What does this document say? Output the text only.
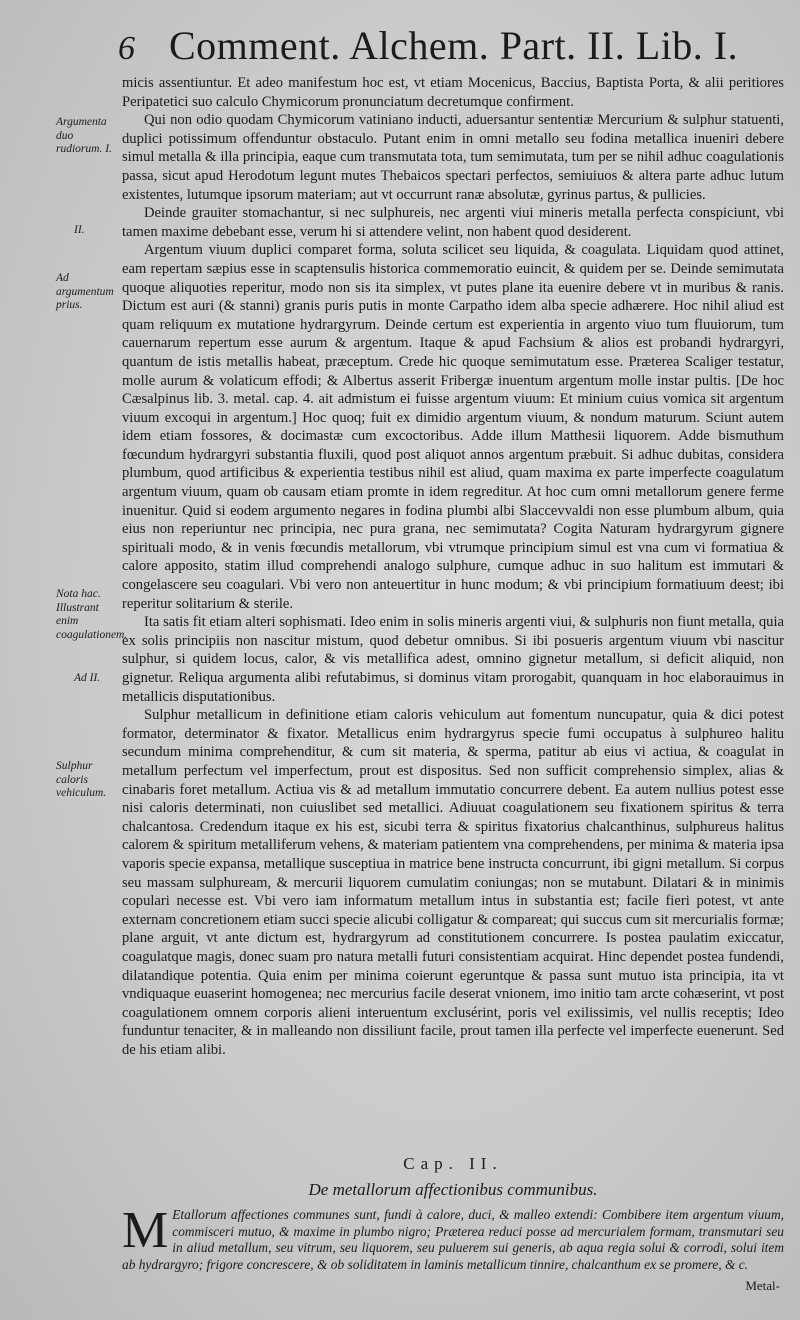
6 Comment. Alchem. Part. II. Lib. I.
Argumenta duo rudiorum. I.
II.
Ad argumentum prius.
Nota hac. Illustrant enim coagulationem.
Ad II.
Sulphur caloris vehiculum.

micis assentiuntur. Et adeo manifestum hoc est, vt etiam Mocenicus, Baccius, Baptista Porta, & alii peritiores Peripatetici suo calculo Chymicorum pronunciatum decretumque confirment.

Qui non odio quodam Chymicorum vatiniano inducti, aduersantur sententiæ Mercurium & sulphur statuenti, duplici potissimum offenduntur obstaculo. Putant enim in omni metallo seu fodina metallica inueniri debere simul metalla & illa principia, eaque cum transmutata tota, tum semimutata, tum per se nihil adhuc coagulationis passa, sicut apud Herodotum legunt mutes Thebaicos spectari perfectos, semiuiuos & altera parte adhuc lutum existentes, lutumque ipsorum materiam; aut vt occurrunt ranæ absolutæ, gyrinus partus, & pullicies.

Deinde grauiter stomachantur, si nec sulphureis, nec argenti viui mineris metalla perfecta conspiciunt, vbi tamen maxime debebant esse, verum hi si attendere velint, non habent quod desiderent.

Argentum viuum duplici comparet forma, soluta scilicet seu liquida, & coagulata. Liquidam quod attinet, eam repertam sæpius esse in scaptensulis historica commemoratio euincit, & quidem per se. Deinde semimutata quoque aliquoties reperitur, modo non sis ita simplex, vt putes plane ita euenire debere vt in muribus & ranis. Dictum est auri (& stanni) granis puris putis in monte Carpatho idem alba specie adhærere. Hoc nihil aliud est quam reliquum ex mutatione hydrargyrum. Deinde certum est experientia in argento viuo tum fluuiorum, tum cauernarum repertum esse aurum & argentum. Itaque & apud Fachsium & alios est probandi hydrargyri, quantum de istis metallis habeat, præceptum. Crede hic quoque semimutatum esse. Præterea Scaliger testatur, molle aurum & volaticum effodi; & Albertus asserit Fribergæ inuentum argentum molle instar pultis. [De hoc Cæsalpinus lib. 3. metal. cap. 4. ait admistum ei fuisse argentum viuum: Et minium cuius vomica sit argentum viuum excoqui in argentum.] Hoc quoq; fuit ex dimidio argentum viuum, & nondum maturum. Sciunt autem idem etiam fossores, & docimastæ cum excoctoribus. Adde illum Matthesii liquorem. Adde bismuthum fœcundum hydrargyri substantia fluxili, quod post aliquot annos argentum præbuit. Si adhuc dubitas, considera plumbum, quod artificibus & experientia testibus nihil est aliud, quam maxima ex parte imperfecte coagulatum argentum viuum, quam ob causam etiam promte in idem regreditur. At hoc cum omni metallorum genere ferme inuenitur. Quid si eodem argumento negares in fodina plumbi albi Slaccevvaldi non esse plumbum album, quia eius non reperiuntur nec principia, nec pura grana, nec semimutata? Cogita Naturam hydrargyrum gignere spirituali modo, & in venis fœcundis metallorum, vbi vtrumque principium simul est vna cum vi formatiua & calore apposito, statim illud comprehendi analogo sulphure, cumque adhuc in suo halitum est immutari & congelascere seu coagulari. Vbi vero non anteuertitur in hunc modum; & vbi principium formatiuum deest; ibi reperitur solitarium & sterile.

Ita satis fit etiam alteri sophismati. Ideo enim in solis mineris argenti viui, & sulphuris non fiunt metalla, quia ex solis principiis non nascitur mistum, quod debetur omnibus. Si ibi posueris argentum viuum vbi nascitur sulphur, si quidem locus, calor, & vis metallifica adest, omnino gignetur metallum, si deficit aliquid, non gignetur. Reliqua argumenta alibi refutabimus, si dominus vitam prorogabit, quanquam in hoc elaborauimus in metallicis disputationibus.

Sulphur metallicum in definitione etiam caloris vehiculum aut fomentum nuncupatur, quia & dici potest formator, determinator & fixator. Metallicus enim hydrargyrus specie fumi occupatus à sulphureo halitu secundum minima comprehenditur, & cum sit materia, & sperma, patitur ab eius vi actiua, & coagulat in metallum perfectum vel imperfectum, prout est dispositus. Sed non sufficit comprehensio simplex, alias & cinabaris foret metallum. Actiua vis & ad metallum immutatio concurrere debent. Ea autem nullius potest esse nisi caloris determinati, non cuiuslibet sed metallici. Adiuuat coagulationem seu fixationem spiritus & terra chalcantosa. Credendum itaque ex his est, sicubi terra & spiritus fixatorius chalcanthinus, sulphureus halitus calorem & spiritum metalliferum vehens, & materiam patientem vna comprehendens, per minima & materia ipsa vaporis specie expansa, metallique susceptiua in matrice bene instructa concurrunt, ibi gigni metallum. Si corpus seu massam sulphuream, & mercurii liquorem cumulatim coniungas; non se mutabunt. Dilatari & in minimis copulari necesse est. Vbi vero iam informatum metallum intus in substantia est; facile fieri potest, vt ante externam concretionem etiam succi specie alicubi colligatur & compareat; qui succus cum sit mercurialis formæ; plane arguit, vt ante dictum est, hydrargyrum ad constitutionem concurrere. Is postea paulatim exiccatur, coagulatque magis, donec suam pro natura metalli futuri consistentiam acquirat. Hinc dependet postea fundendi, dilatandique potentia. Quia enim per minima coierunt egeruntque & passa sunt mutuo ista principia, ita vt vndiquaque euaserint homogenea; nec mercurius facile deserat vnionem, imo initio tam arcte cohæserint, vt post coagulationem omnem corporis alieni interuentum exclusérint, poris vel exilissimis, vel nullis receptis; Ideo funduntur tenaciter, & in malleando non dissiliunt facile, prout tamen illa perfecte vel imperfecte euenerunt. Sed de his etiam alibi.

Cap. II.
De metallorum affectionibus communibus.
M Etallorum affectiones communes sunt, fundi à calore, duci, & malleo extendi: Combibere item argentum viuum, commisceri mutuo, & maxime in plumbo nigro; Præterea reduci posse ad mercurialem formam, transmutari seu in aliud metallum, seu vitrum, seu liquorem, seu puluerem sui generis, ab aqua regia solui & corrodi, solui item ab hydrargyro; frigore concrescere, & ob soliditatem in laminis metallicum tinnire, chalcanthum ex se promere, & c.
Metal-
